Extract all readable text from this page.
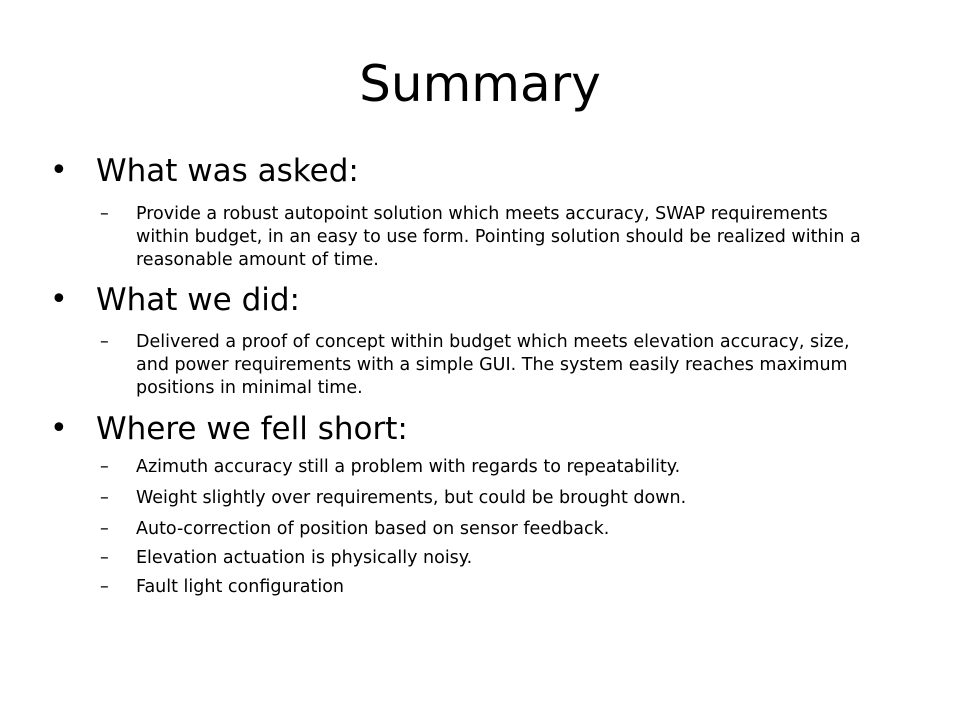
Summary
• What was asked:
– Provide a robust autopoint solution which meets accuracy, SWAP requirements within budget, in an easy to use form. Pointing solution should be realized within a reasonable amount of time.
• What we did:
– Delivered a proof of concept within budget which meets elevation accuracy, size, and power requirements with a simple GUI. The system easily reaches maximum positions in minimal time.
• Where we fell short:
– Azimuth accuracy still a problem with regards to repeatability.
– Weight slightly over requirements, but could be brought down.
– Auto-correction of position based on sensor feedback.
– Elevation actuation is physically noisy.
– Fault light configuration
